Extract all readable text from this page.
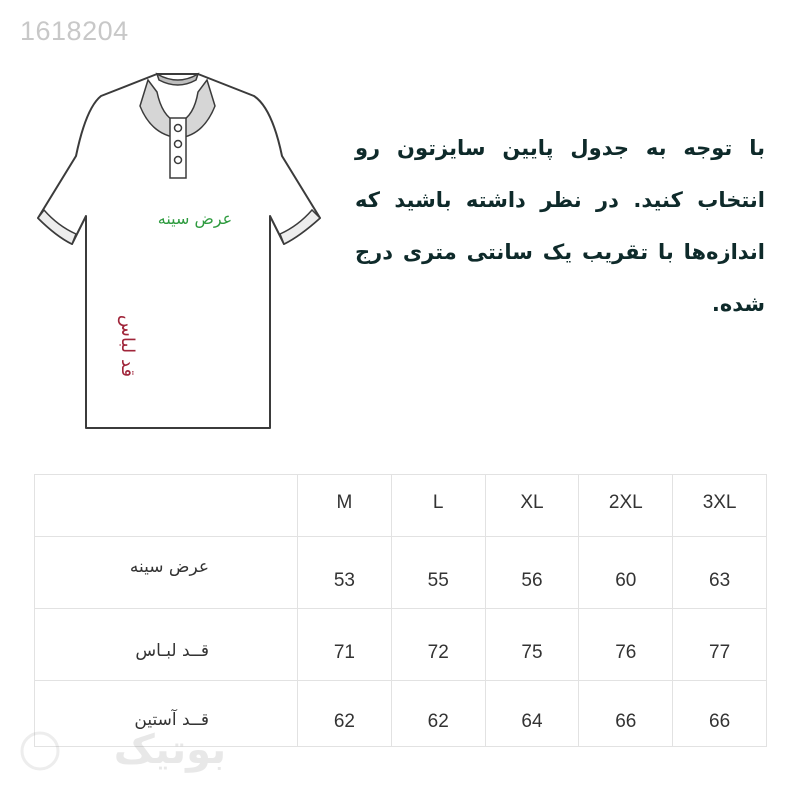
1618204
عرض سینه
قد لباس
با توجه به جدول پایین سایزتون رو انتخاب کنید. در نظر داشته باشید که اندازه‌ها با تقریب یک سانتی متری درج شده.
	M	L	XL	2XL	3XL
عرض سینه	53	55	56	60	63
قــد لبـاس	71	72	75	76	77
قــد آستین	62	62	64	66	66
بوتیک
